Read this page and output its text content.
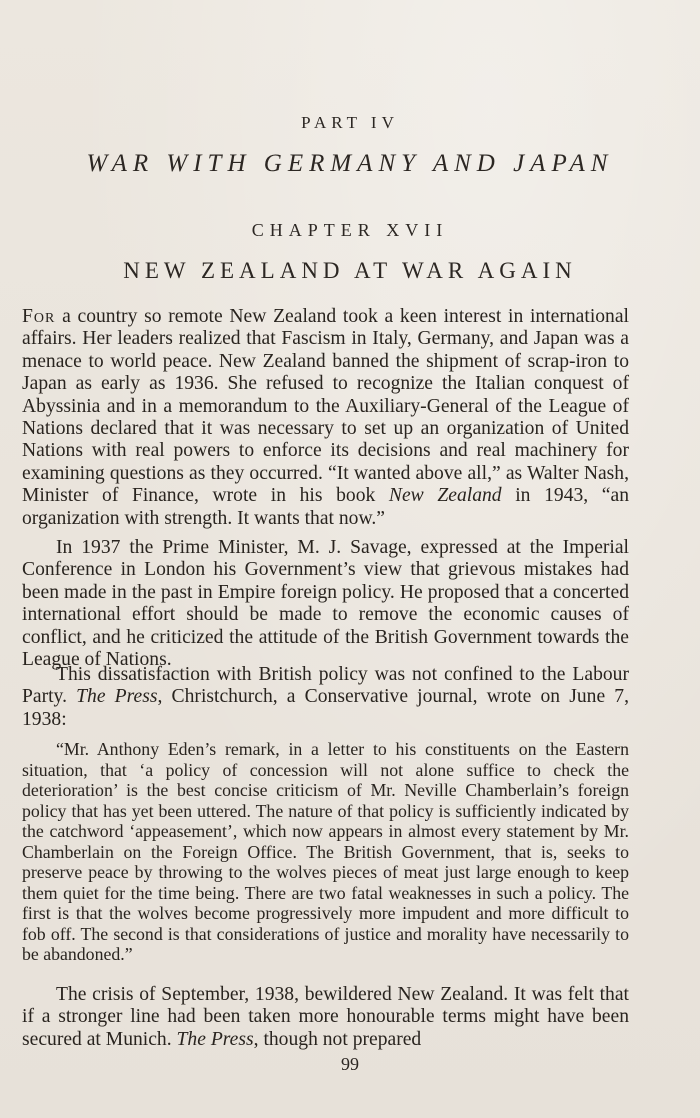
PART IV
WAR WITH GERMANY AND JAPAN
CHAPTER XVII
NEW ZEALAND AT WAR AGAIN

For a country so remote New Zealand took a keen interest in international affairs. Her leaders realized that Fascism in Italy, Germany, and Japan was a menace to world peace. New Zealand banned the shipment of scrap-iron to Japan as early as 1936. She refused to recognize the Italian conquest of Abyssinia and in a memorandum to the Auxiliary-General of the League of Nations declared that it was necessary to set up an organization of United Nations with real powers to enforce its decisions and real machinery for examining questions as they occurred. “It wanted above all,” as Walter Nash, Minister of Finance, wrote in his book New Zealand in 1943, “an organization with strength. It wants that now.”

In 1937 the Prime Minister, M. J. Savage, expressed at the Imperial Conference in London his Government’s view that grievous mistakes had been made in the past in Empire foreign policy. He proposed that a concerted international effort should be made to remove the economic causes of conflict, and he criticized the attitude of the British Government towards the League of Nations.

This dissatisfaction with British policy was not confined to the Labour Party. The Press, Christchurch, a Conservative journal, wrote on June 7, 1938:

“Mr. Anthony Eden’s remark, in a letter to his constituents on the Eastern situation, that ‘a policy of concession will not alone suffice to check the deterioration’ is the best concise criticism of Mr. Neville Chamberlain’s foreign policy that has yet been uttered. The nature of that policy is sufficiently indicated by the catchword ‘appeasement’, which now appears in almost every statement by Mr. Chamberlain on the Foreign Office. The British Government, that is, seeks to preserve peace by throwing to the wolves pieces of meat just large enough to keep them quiet for the time being. There are two fatal weaknesses in such a policy. The first is that the wolves become progressively more impudent and more difficult to fob off. The second is that considerations of justice and morality have necessarily to be abandoned.”

The crisis of September, 1938, bewildered New Zealand. It was felt that if a stronger line had been taken more honourable terms might have been secured at Munich. The Press, though not prepared

99
